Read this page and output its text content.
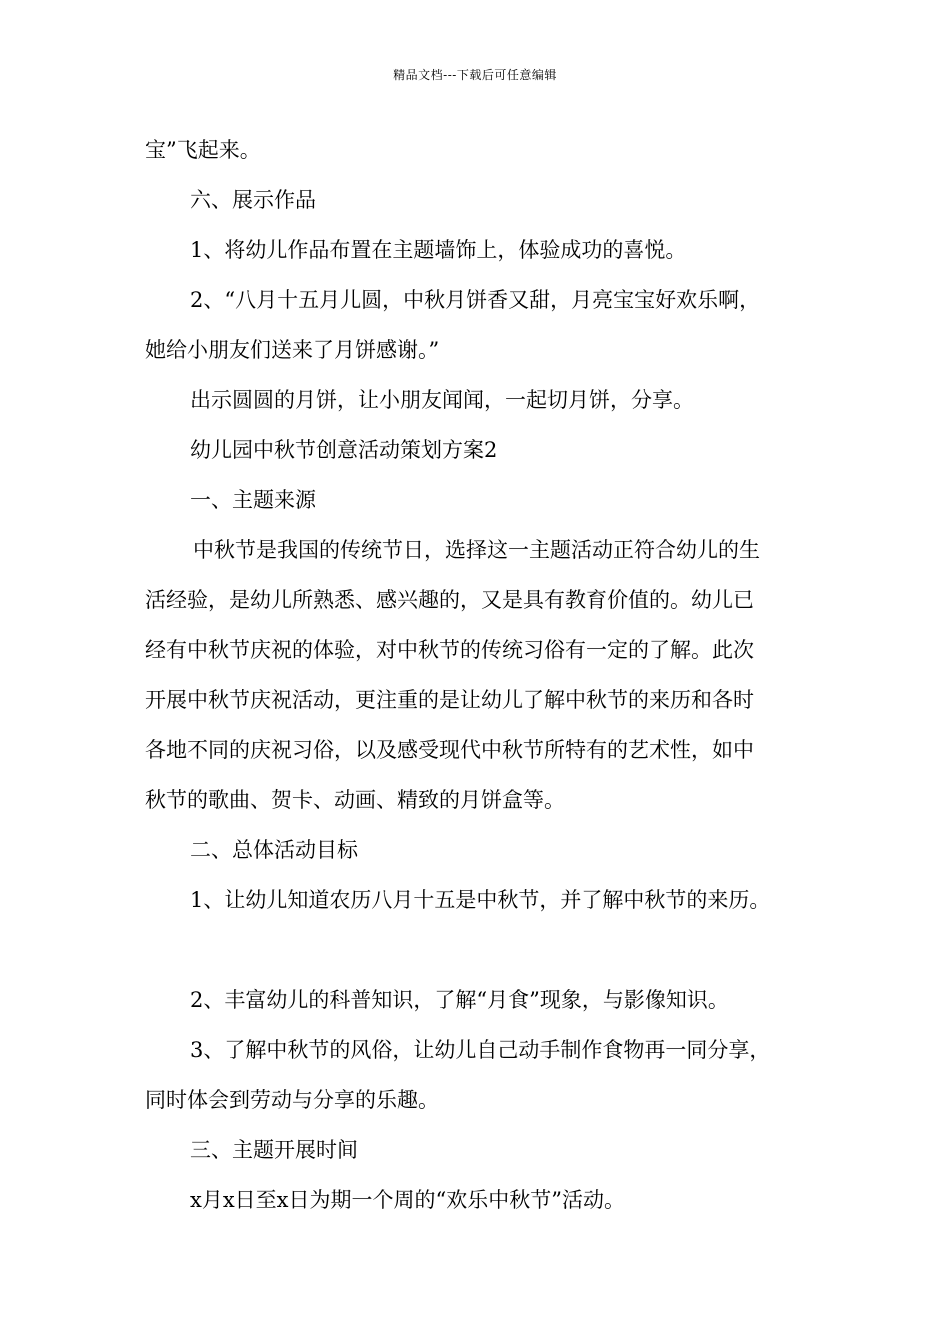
精品文档---下载后可任意编辑
宝”飞起来。
六、展示作品
1、将幼儿作品布置在主题墙饰上，体验成功的喜悦。
2、“八月十五月儿圆，中秋月饼香又甜，月亮宝宝好欢乐啊，
她给小朋友们送来了月饼感谢。”
出示圆圆的月饼，让小朋友闻闻，一起切月饼，分享。
幼儿园中秋节创意活动策划方案2
一、主题来源
中秋节是我国的传统节日，选择这一主题活动正符合幼儿的生
活经验，是幼儿所熟悉、感兴趣的，又是具有教育价值的。幼儿已
经有中秋节庆祝的体验，对中秋节的传统习俗有一定的了解。此次
开展中秋节庆祝活动，更注重的是让幼儿了解中秋节的来历和各时
各地不同的庆祝习俗，以及感受现代中秋节所特有的艺术性，如中
秋节的歌曲、贺卡、动画、精致的月饼盒等。
二、总体活动目标
1、让幼儿知道农历八月十五是中秋节，并了解中秋节的来历。
2、丰富幼儿的科普知识，了解“月食”现象，与影像知识。
3、了解中秋节的风俗，让幼儿自己动手制作食物再一同分享，
同时体会到劳动与分享的乐趣。
三、主题开展时间
x月x日至x日为期一个周的“欢乐中秋节”活动。
